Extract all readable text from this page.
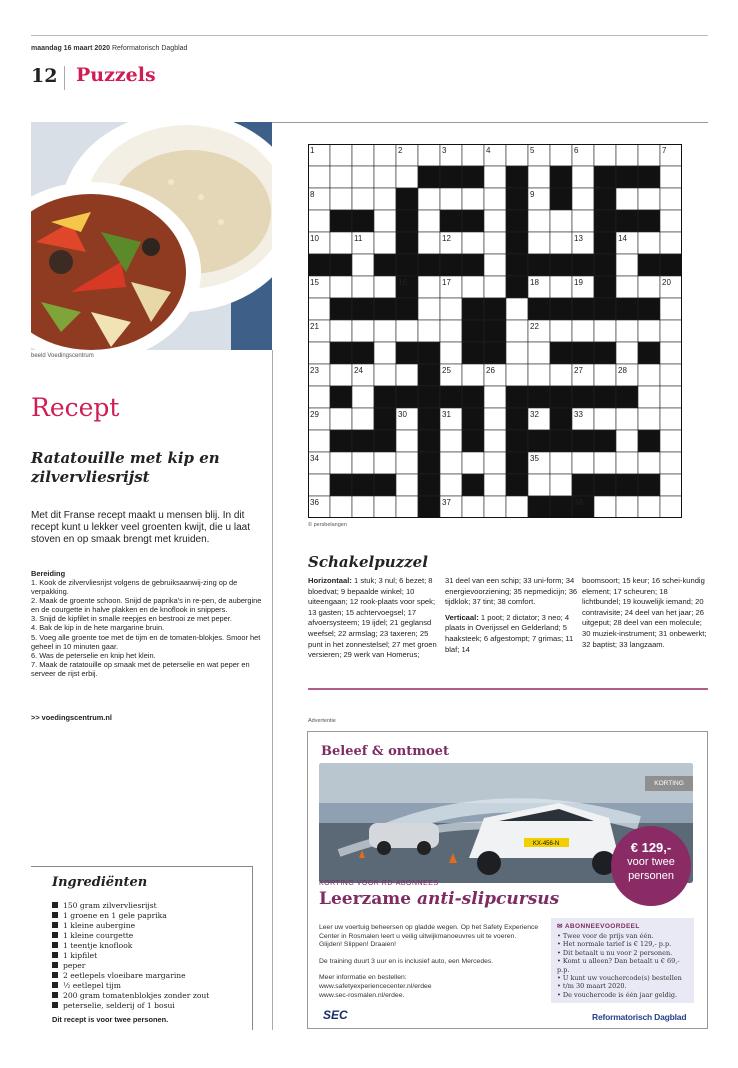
maandag 16 maart 2020 Reformatorisch Dagblad
12 Puzzels
beeld Voedingscentrum
Recept
Ratatouille met kip en zilvervliesrijst
Met dit Franse recept maakt u mensen blij. In dit recept kunt u lekker veel groenten kwijt, die u laat stoven en op smaak brengt met kruiden.
Bereiding

1. Kook de zilvervliesrijst volgens de gebruiksaanwij-zing op de verpakking.

2. Maak de groente schoon. Snijd de paprika’s in re-pen, de aubergine en de courgette in halve plakken en de knoflook in snippers.

3. Snijd de kipfilet in smalle reepjes en bestrooi ze met peper.

4. Bak de kip in de hete margarine bruin.

5. Voeg alle groente toe met de tijm en de tomaten-blokjes. Smoor het geheel in 10 minuten gaar.

6. Was de peterselie en knip het klein.

7. Maak de ratatouille op smaak met de peterselie en wat peper en serveer de rijst erbij.

>> voedingscentrum.nl
Ingrediënten
150 gram zilvervliesrijst
1 groene en 1 gele paprika
1 kleine aubergine
1 kleine courgette
1 teentje knoflook
1 kipfilet
peper
2 eetlepels vloeibare margarine
½ eetlepel tijm
200 gram tomatenblokjes zonder zout
peterselie, selderij of 1 bosui
Dit recept is voor twee personen.
1	2	3	4	5	6	7
8	9
10	11	12	13	14
15	16	17	18	19	20
21	22
23	24	25	26	27	28
29	30	31	32	33
34	35
36	37	38
© persbelangen
Schakelpuzzel
Horizontaal: 1 stuk; 3 nul; 6 bezet; 8 bloedvat; 9 bepaalde winkel; 10 uiteengaan; 12 rook-plaats voor spek; 13 gasten; 15 achtervoegsel; 17 afvoersysteem; 19 ijdel; 21 geglansd weefsel; 22 armslag; 23 taxeren; 25 punt in het zonnestelsel; 27 met groen versieren; 29 werk van Homerus;
31 deel van een schip; 33 uni-form; 34 energievoorziening; 35 nepmedicijn; 36 tijdklok; 37 tint; 38 comfort.
Verticaal: 1 poot; 2 dictator; 3 neo; 4 plaats in Overijssel en Gelderland; 5 haaksteek; 6 afgestompt; 7 grimas; 11 blaf; 14
boomsoort; 15 keur; 16 schei-kundig element; 17 scheuren; 18 lichtbundel; 19 kouwelijk iemand; 20 contravisite; 24 deel van het jaar; 26 uitgeput; 28 deel van een molecule; 30 muziek-instrument; 31 onbewerkt; 32 baptist; 33 langzaam.
Advertentie
Beleef & ontmoet
KX-456-N
KORTING
€ 129,-
voor twee
personen
KORTING VOOR RD-ABONNEES
Leerzame anti-slipcursus

Leer uw voertuig beheersen op gladde wegen. Op het Safety Experience Center in Rosmalen leert u veilig uitwijkmanoeuvres uit te voeren. Glijden! Slippen! Draaien!

De training duurt 3 uur en is inclusief auto, een Mercedes.

Meer informatie en bestellen:

www.safetyexperiencecenter.nl/erdee

www.sec-rosmalen.nl/erdee.

✉ ABONNEEVOORDEEL
• Twee voor de prijs van één.
• Het normale tarief is € 129,- p.p.
• Dit betaalt u nu voor 2 personen.
• Komt u alleen? Dan betaalt u € 69,- p.p.
• U kunt uw vouchercode(s) bestellen
• t/m 30 maart 2020.
• De vouchercode is één jaar geldig.
SEC	Reformatorisch Dagblad
